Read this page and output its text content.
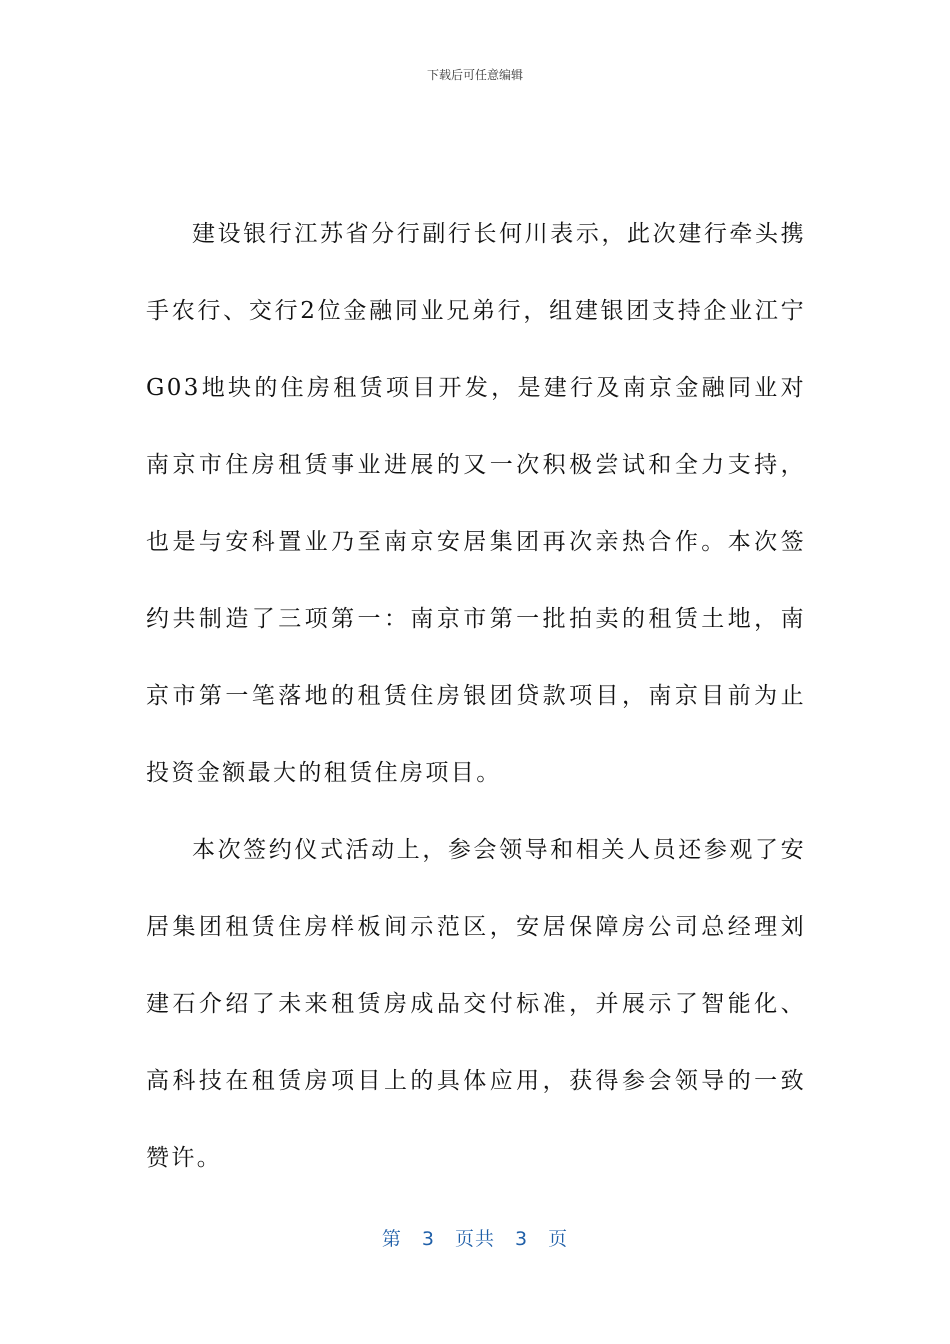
下载后可任意编辑

建设银行江苏省分行副行长何川表示，此次建行牵头携手农行、交行2位金融同业兄弟行，组建银团支持企业江宁G03地块的住房租赁项目开发，是建行及南京金融同业对南京市住房租赁事业进展的又一次积极尝试和全力支持，也是与安科置业乃至南京安居集团再次亲热合作。本次签约共制造了三项第一：南京市第一批拍卖的租赁土地，南京市第一笔落地的租赁住房银团贷款项目，南京目前为止投资金额最大的租赁住房项目。

本次签约仪式活动上，参会领导和相关人员还参观了安居集团租赁住房样板间示范区，安居保障房公司总经理刘建石介绍了未来租赁房成品交付标准，并展示了智能化、高科技在租赁房项目上的具体应用，获得参会领导的一致赞许。

第 3 页共 3 页
